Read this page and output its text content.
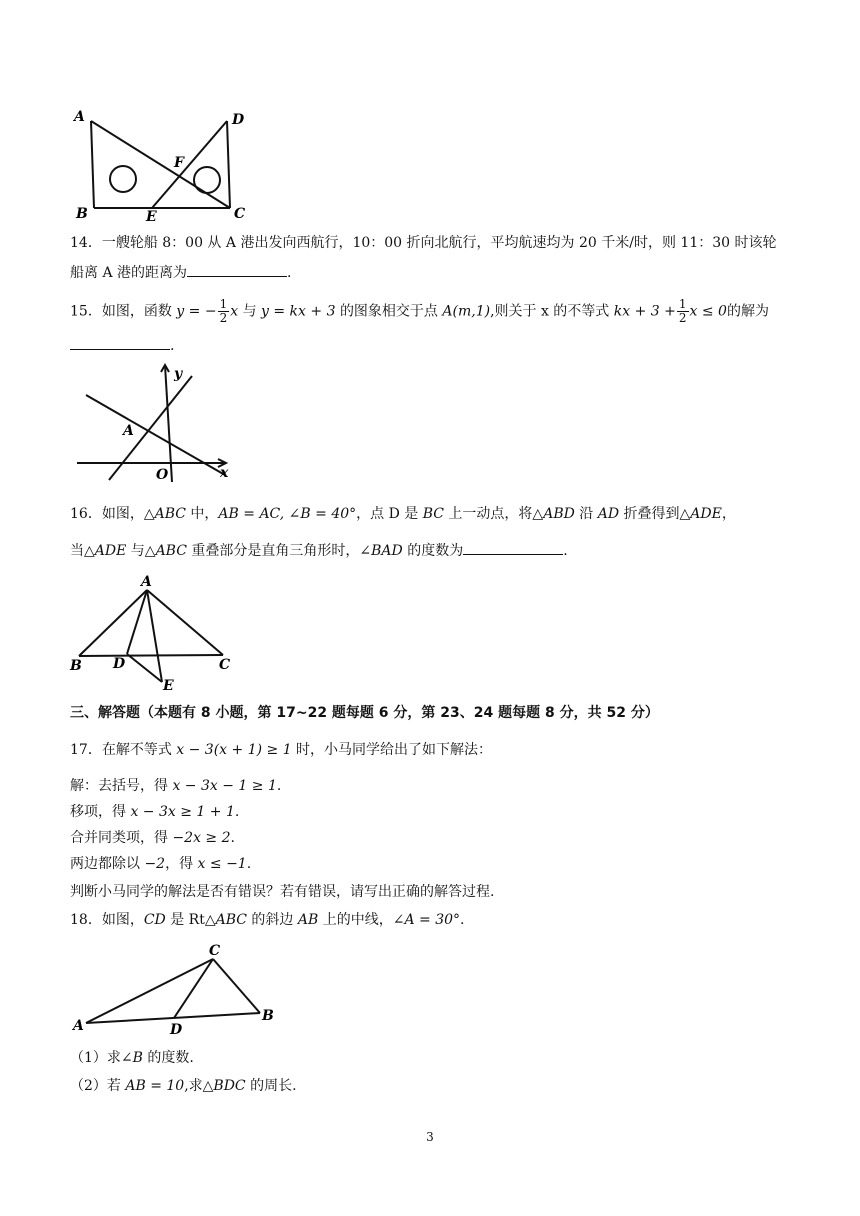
A
B	C
D
E
F
14．一艘轮船 8：00 从 A 港出发向西航行，10：00 折向北航行，平均航速均为 20 千米/时，则 11：30 时该轮
船离 A 港的距离为	.
15．如图，函数 y = − $\frac{1}{2}$ x 与 y = kx + 3 的图象相交于点 A(m,1),则关于 x 的不等式 kx + $3 + \frac{1}{2}$ x ≤ 0的解为
.
y
x
A
O
16．如图，△ABC 中，AB = AC, ∠B = 40°，点 D 是 BC 上一动点，将△ABD 沿 AD 折叠得到△ADE，
当△ADE 与△ABC 重叠部分是直角三角形时，∠BAD 的度数为	.
A
B	C
D
E
三、解答题（本题有 8 小题，第 17~22 题每题 6 分，第 23、24 题每题 8 分，共 52 分）
17．在解不等式 x − 3(x + 1) ≥ 1 时，小马同学给出了如下解法：
解：去括号，得 x − 3x − 1 ≥ 1.
移项，得 x − 3x ≥ 1 + 1.
合并同类项，得 −2x ≥ 2.
两边都除以 −2，得 x ≤ −1.
判断小马同学的解法是否有错误？若有错误，请写出正确的解答过程.
18．如图，CD 是 Rt△ABC 的斜边 AB 上的中线，∠A = 30°.
C
A
B
D
（1）求∠B 的度数.
（2）若 AB = 10,求△BDC 的周长.
3
